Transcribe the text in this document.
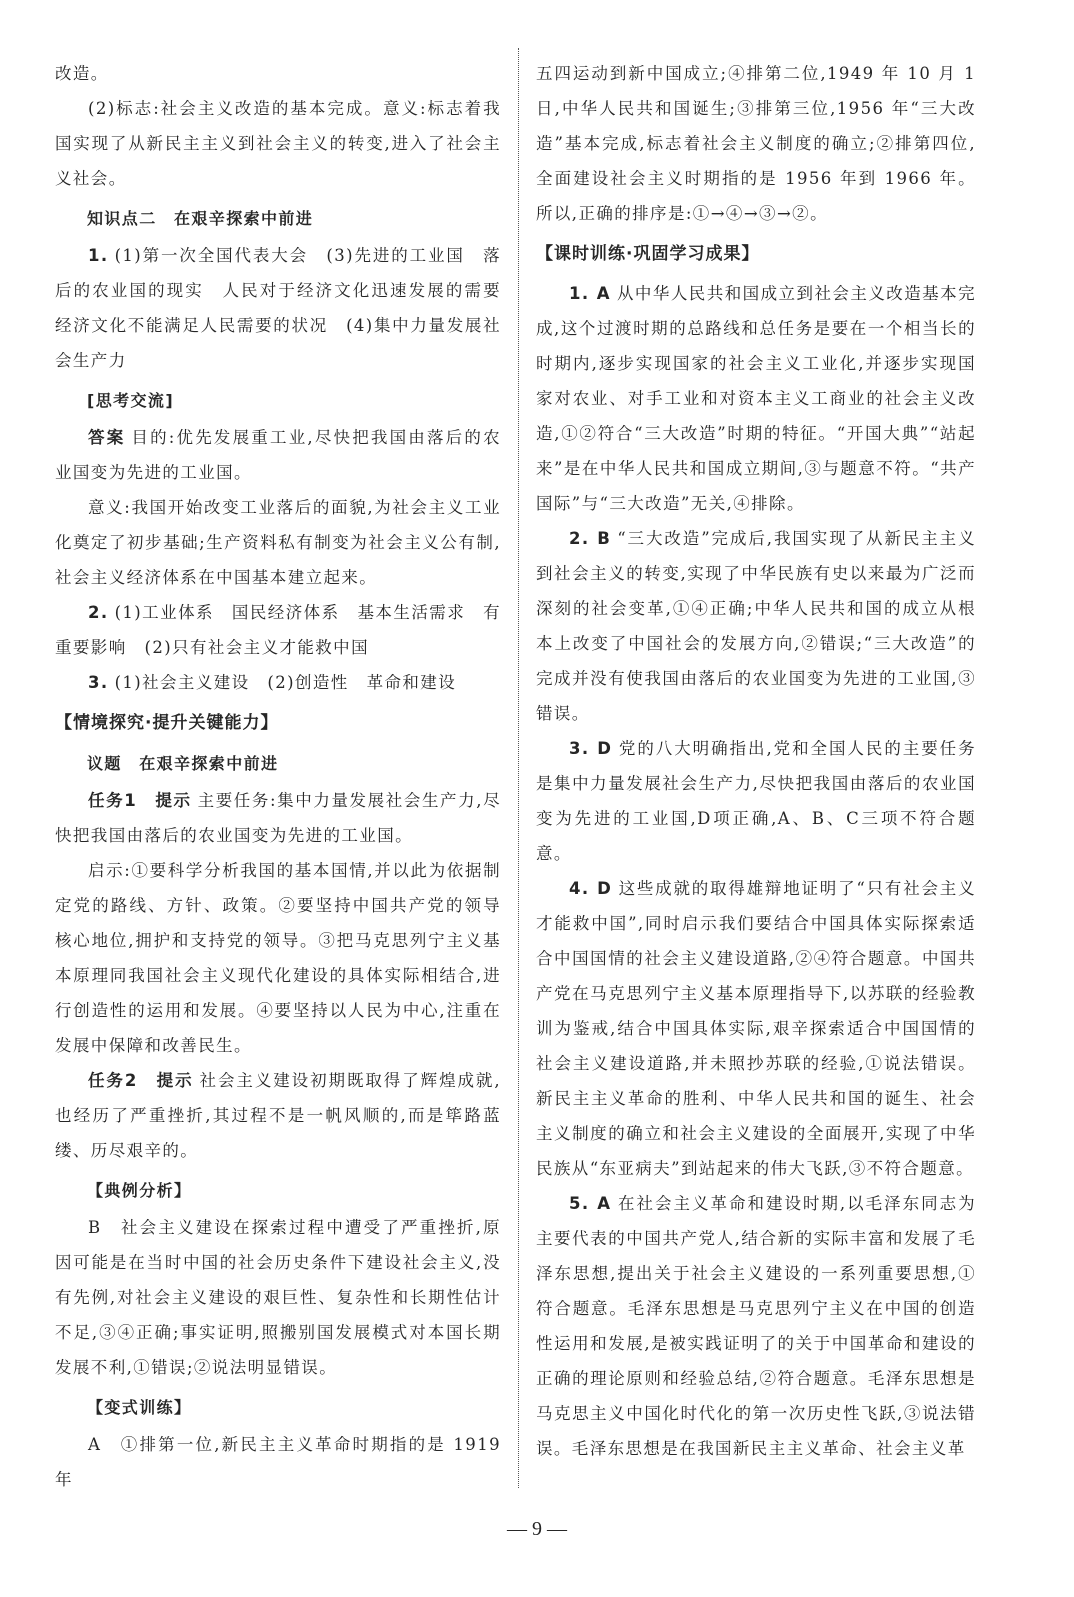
改造。

(2)标志:社会主义改造的基本完成。意义:标志着我国实现了从新民主主义到社会主义的转变,进入了社会主义社会。

知识点二　在艰辛探索中前进

1. (1)第一次全国代表大会　(3)先进的工业国　落后的农业国的现实　人民对于经济文化迅速发展的需要　经济文化不能满足人民需要的状况　(4)集中力量发展社会生产力

[思考交流]

答案 目的:优先发展重工业,尽快把我国由落后的农业国变为先进的工业国。

意义:我国开始改变工业落后的面貌,为社会主义工业化奠定了初步基础;生产资料私有制变为社会主义公有制,社会主义经济体系在中国基本建立起来。

2. (1)工业体系　国民经济体系　基本生活需求　有重要影响　(2)只有社会主义才能救中国

3. (1)社会主义建设　(2)创造性　革命和建设

【情境探究·提升关键能力】

议题　在艰辛探索中前进

任务1　提示 主要任务:集中力量发展社会生产力,尽快把我国由落后的农业国变为先进的工业国。

启示:①要科学分析我国的基本国情,并以此为依据制定党的路线、方针、政策。②要坚持中国共产党的领导核心地位,拥护和支持党的领导。③把马克思列宁主义基本原理同我国社会主义现代化建设的具体实际相结合,进行创造性的运用和发展。④要坚持以人民为中心,注重在发展中保障和改善民生。

任务2　提示 社会主义建设初期既取得了辉煌成就,也经历了严重挫折,其过程不是一帆风顺的,而是筚路蓝缕、历尽艰辛的。

【典例分析】

B　社会主义建设在探索过程中遭受了严重挫折,原因可能是在当时中国的社会历史条件下建设社会主义,没有先例,对社会主义建设的艰巨性、复杂性和长期性估计不足,③④正确;事实证明,照搬别国发展模式对本国长期发展不利,①错误;②说法明显错误。

【变式训练】

A　①排第一位,新民主主义革命时期指的是 1919 年

五四运动到新中国成立;④排第二位,1949 年 10 月 1 日,中华人民共和国诞生;③排第三位,1956 年“三大改造”基本完成,标志着社会主义制度的确立;②排第四位,全面建设社会主义时期指的是 1956 年到 1966 年。所以,正确的排序是:①→④→③→②。

【课时训练·巩固学习成果】

1. A 从中华人民共和国成立到社会主义改造基本完成,这个过渡时期的总路线和总任务是要在一个相当长的时期内,逐步实现国家的社会主义工业化,并逐步实现国家对农业、对手工业和对资本主义工商业的社会主义改造,①②符合“三大改造”时期的特征。“开国大典”“站起来”是在中华人民共和国成立期间,③与题意不符。“共产国际”与“三大改造”无关,④排除。

2. B “三大改造”完成后,我国实现了从新民主主义到社会主义的转变,实现了中华民族有史以来最为广泛而深刻的社会变革,①④正确;中华人民共和国的成立从根本上改变了中国社会的发展方向,②错误;“三大改造”的完成并没有使我国由落后的农业国变为先进的工业国,③错误。

3. D 党的八大明确指出,党和全国人民的主要任务是集中力量发展社会生产力,尽快把我国由落后的农业国变为先进的工业国,D项正确,A、B、C三项不符合题意。

4. D 这些成就的取得雄辩地证明了“只有社会主义才能救中国”,同时启示我们要结合中国具体实际探索适合中国国情的社会主义建设道路,②④符合题意。中国共产党在马克思列宁主义基本原理指导下,以苏联的经验教训为鉴戒,结合中国具体实际,艰辛探索适合中国国情的社会主义建设道路,并未照抄苏联的经验,①说法错误。新民主主义革命的胜利、中华人民共和国的诞生、社会主义制度的确立和社会主义建设的全面展开,实现了中华民族从“东亚病夫”到站起来的伟大飞跃,③不符合题意。

5. A 在社会主义革命和建设时期,以毛泽东同志为主要代表的中国共产党人,结合新的实际丰富和发展了毛泽东思想,提出关于社会主义建设的一系列重要思想,①符合题意。毛泽东思想是马克思列宁主义在中国的创造性运用和发展,是被实践证明了的关于中国革命和建设的正确的理论原则和经验总结,②符合题意。毛泽东思想是马克思主义中国化时代化的第一次历史性飞跃,③说法错误。毛泽东思想是在我国新民主主义革命、社会主义革

— 9 —
